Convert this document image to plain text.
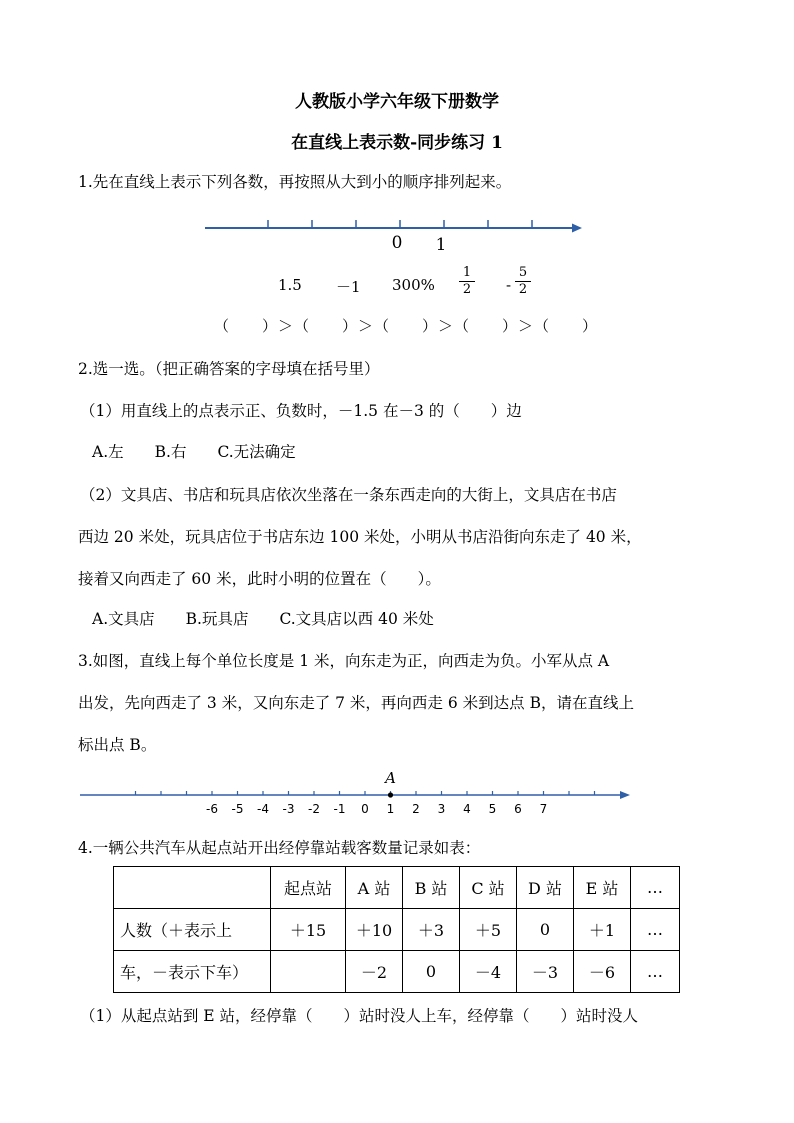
人教版小学六年级下册数学
在直线上表示数-同步练习 1
1.先在直线上表示下列各数，再按照从大到小的顺序排列起来。
0 1
1.5 －1 300%
1
2 -
5
2
（　　）＞（　　）＞（　　）＞（　　）＞（　　）
2.选一选。（把正确答案的字母填在括号里）
（1）用直线上的点表示正、负数时，－1.5 在－3 的（　　）边
A.左　　B.右　　C.无法确定
（2）文具店、书店和玩具店依次坐落在一条东西走向的大街上，文具店在书店
西边 20 米处，玩具店位于书店东边 100 米处，小明从书店沿街向东走了 40 米，
接着又向西走了 60 米，此时小明的位置在（　　）。
A.文具店　　B.玩具店　　C.文具店以西 40 米处
3.如图，直线上每个单位长度是 1 米，向东走为正，向西走为负。小军从点 A
出发，先向西走了 3 米，又向东走了 7 米，再向西走 6 米到达点 B，请在直线上
标出点 B。
-6 -5 -4 -3 -2 -1 0 1 2 3 4 5 6 7
A
4.一辆公共汽车从起点站开出经停靠站载客数量记录如表：
	起点站	A 站	B 站	C 站	D 站	E 站	…
人数（＋表示上	＋15	＋10	＋3	＋5	0	＋1	…
车，－表示下车）		－2	0	－4	－3	－6	…
（1）从起点站到 E 站，经停靠（　　）站时没人上车，经停靠（　　）站时没人
